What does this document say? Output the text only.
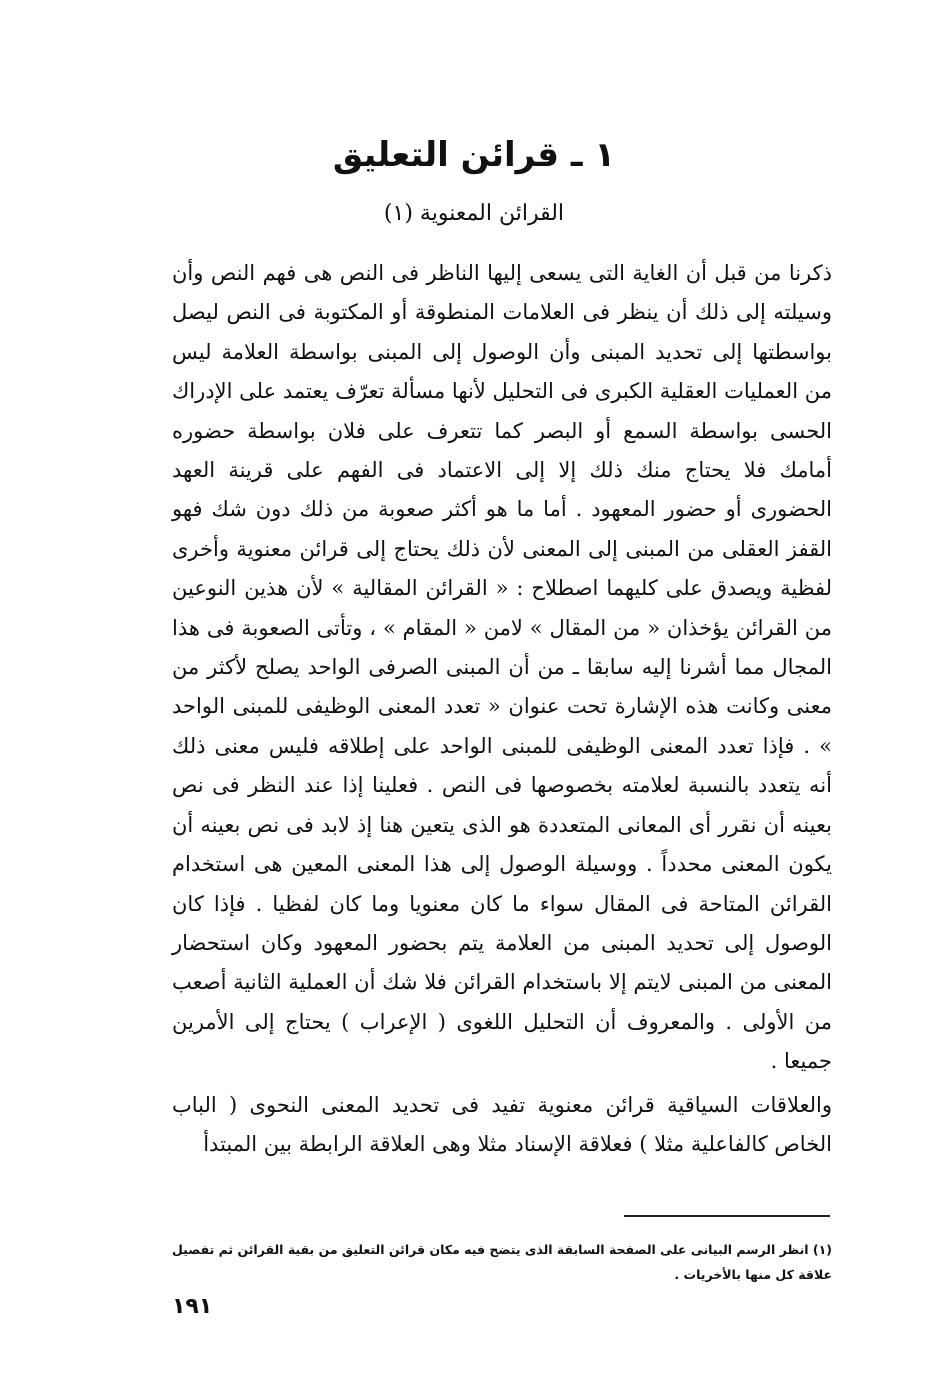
١ ـ قرائن التعليق
القرائن المعنوية (١)

ذكرنا من قبل أن الغاية التى يسعى إليها الناظر فى النص هى فهم النص وأن وسيلته إلى ذلك أن ينظر فى العلامات المنطوقة أو المكتوبة فى النص ليصل بواسطتها إلى تحديد المبنى وأن الوصول إلى المبنى بواسطة العلامة ليس من العمليات العقلية الكبرى فى التحليل لأنها مسألة تعرّف يعتمد على الإدراك الحسى بواسطة السمع أو البصر كما تتعرف على فلان بواسطة حضوره أمامك فلا يحتاج منك ذلك إلا إلى الاعتماد فى الفهم على قرينة العهد الحضورى أو حضور المعهود . أما ما هو أكثر صعوبة من ذلك دون شك فهو القفز العقلى من المبنى إلى المعنى لأن ذلك يحتاج إلى قرائن معنوية وأخرى لفظية ويصدق على كليهما اصطلاح : « القرائن المقالية » لأن هذين النوعين من القرائن يؤخذان « من المقال » لامن « المقام » ، وتأتى الصعوبة فى هذا المجال مما أشرنا إليه سابقا ـ من أن المبنى الصرفى الواحد يصلح لأكثر من معنى وكانت هذه الإشارة تحت عنوان « تعدد المعنى الوظيفى للمبنى الواحد » . فإذا تعدد المعنى الوظيفى للمبنى الواحد على إطلاقه فليس معنى ذلك أنه يتعدد بالنسبة لعلامته بخصوصها فى النص . فعلينا إذا عند النظر فى نص بعينه أن نقرر أى المعانى المتعددة هو الذى يتعين هنا إذ لابد فى نص بعينه أن يكون المعنى محدداً . ووسيلة الوصول إلى هذا المعنى المعين هى استخدام القرائن المتاحة فى المقال سواء ما كان معنويا وما كان لفظيا . فإذا كان الوصول إلى تحديد المبنى من العلامة يتم بحضور المعهود وكان استحضار المعنى من المبنى لايتم إلا باستخدام القرائن فلا شك أن العملية الثانية أصعب من الأولى . والمعروف أن التحليل اللغوى ( الإعراب ) يحتاج إلى الأمرين جميعا .

والعلاقات السياقية قرائن معنوية تفيد فى تحديد المعنى النحوى ( الباب الخاص كالفاعلية مثلا ) فعلاقة الإسناد مثلا وهى العلاقة الرابطة بين المبتدأ

(١) انظر الرسم البيانى على الصفحة السابقة الذى يتضح فيه مكان قرائن التعليق من بقية القرائن ثم تفصيل علاقة كل منها بالأخريات .

١٩١
